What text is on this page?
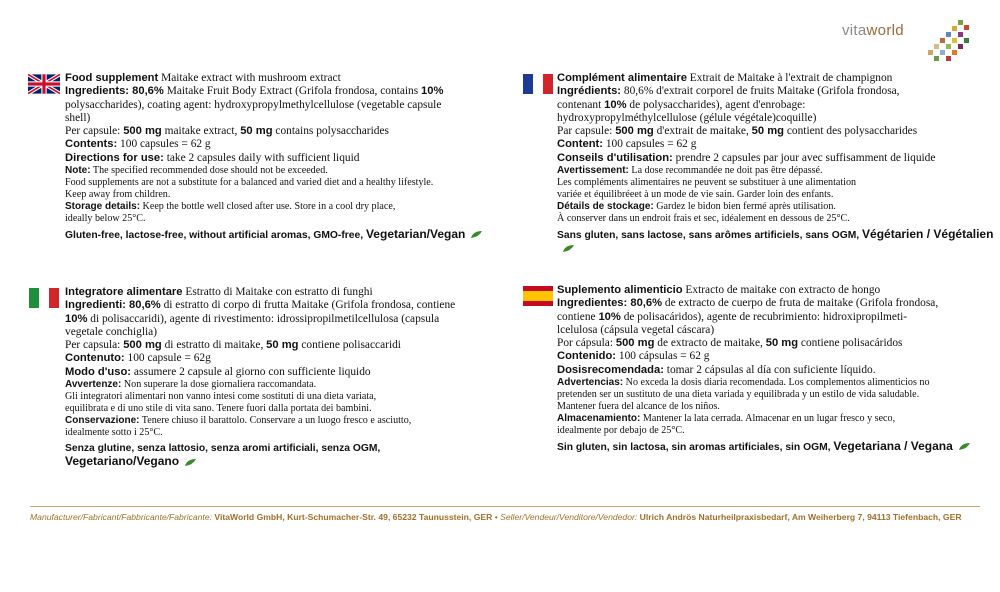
vitaworld
Food supplement Maitake extract with mushroom extract
Ingredients: 80,6% Maitake Fruit Body Extract (Grifola frondosa, contains 10%
polysaccharides), coating agent: hydroxypropylmethylcellulose (vegetable capsule
shell)
Per capsule: 500 mg maitake extract, 50 mg contains polysaccharides
Contents: 100 capsules = 62 g
Directions for use: take 2 capsules daily with sufficient liquid
Note: The specified recommended dose should not be exceeded.
Food supplements are not a substitute for a balanced and varied diet and a healthy lifestyle.
Keep away from children.
Storage details: Keep the bottle well closed after use. Store in a cool dry place,
ideally below 25°C.
Gluten-free, lactose-free, without artificial aromas, GMO-free, Vegetarian/Vegan
Complément alimentaire Extrait de Maitake à l'extrait de champignon
Ingrédients: 80,6% d'extrait corporel de fruits Maitake (Grifola frondosa,
contenant 10% de polysaccharides), agent d'enrobage:
hydroxypropylméthylcellulose (gélule végétale)coquille)
Par capsule: 500 mg d'extrait de maitake, 50 mg contient des polysaccharides
Content: 100 capsules = 62 g
Conseils d'utilisation: prendre 2 capsules par jour avec suffisamment de liquide
Avertissement: La dose recommandée ne doit pas être dépassé.
Les compléments alimentaires ne peuvent se substituer à une alimentation
variée et équilibréeet à un mode de vie sain. Garder loin des enfants.
Détails de stockage: Gardez le bidon bien fermé après utilisation.
À conserver dans un endroit frais et sec, idéalement en dessous de 25°C.
Sans gluten, sans lactose, sans arômes artificiels, sans OGM, Végétarien / Végétalien
Integratore alimentare Estratto di Maitake con estratto di funghi
Ingredienti: 80,6% di estratto di corpo di frutta Maitake (Grifola frondosa, contiene
10% di polisaccaridi), agente di rivestimento: idrossipropilmetilcellulosa (capsula
vegetale conchiglia)
Per capsula: 500 mg di estratto di maitake, 50 mg contiene polisaccaridi
Contenuto: 100 capsule = 62g
Modo d'uso: assumere 2 capsule al giorno con sufficiente liquido
Avvertenze: Non superare la dose giornaliera raccomandata.
Gli integratori alimentari non vanno intesi come sostituti di una dieta variata,
equilibrata e di uno stile di vita sano. Tenere fuori dalla portata dei bambini.
Conservazione: Tenere chiuso il barattolo. Conservare a un luogo fresco e asciutto,
idealmente sotto i 25°C.
Senza glutine, senza lattosio, senza aromi artificiali, senza OGM, Vegetariano/Vegano
Suplemento alimenticio Extracto de maitake con extracto de hongo
Ingredientes: 80,6% de extracto de cuerpo de fruta de maitake (Grifola frondosa,
contiene 10% de polisacáridos), agente de recubrimiento: hidroxipropilmeti-
lcelulosa (cápsula vegetal cáscara)
Por cápsula: 500 mg de extracto de maitake, 50 mg contiene polisacáridos
Contenido: 100 cápsulas = 62 g
Dosisrecomendada: tomar 2 cápsulas al día con suficiente líquido.
Advertencias: No exceda la dosis diaria recomendada. Los complementos alimenticios no
pretenden ser un sustituto de una dieta variada y equilibrada y un estilo de vida saludable.
Mantener fuera del alcance de los niños.
Almacenamiento: Mantener la lata cerrada. Almacenar en un lugar fresco y seco,
idealmente por debajo de 25°C.
Sin gluten, sin lactosa, sin aromas artificiales, sin OGM, Vegetariana / Vegana
Manufacturer/Fabricant/Fabbricante/Fabricante: VitaWorld GmbH, Kurt-Schumacher-Str. 49, 65232 Taunusstein, GER • Seller/Vendeur/Venditore/Vendedor: Ulrich Andrös Naturheilpraxisbedarf, Am Weiherberg 7, 94113 Tiefenbach, GER
